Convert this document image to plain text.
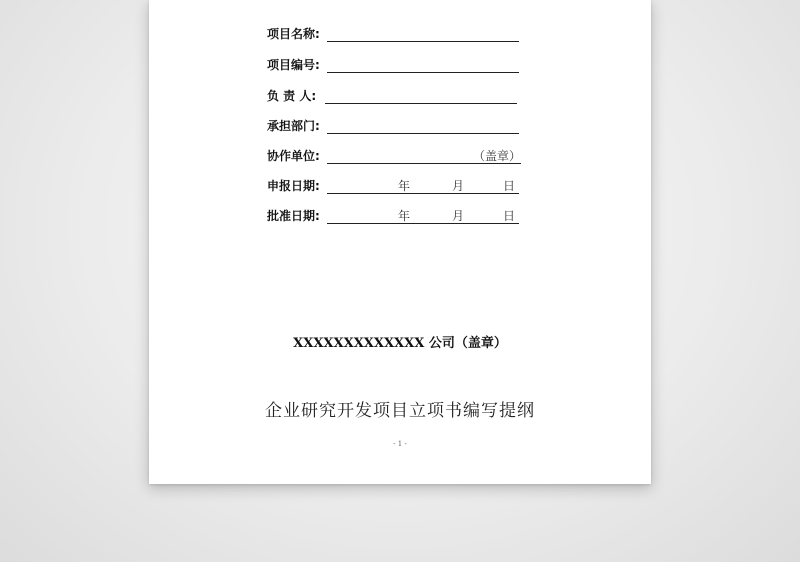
项目名称:
项目编号:
负 责 人:
承担部门:
协作单位:	（盖章）
申报日期:	年	月	日
批准日期:	年	月	日
XXXXXXXXXXXXX 公司（盖章）
企业研究开发项目立项书编写提纲
- 1 -
